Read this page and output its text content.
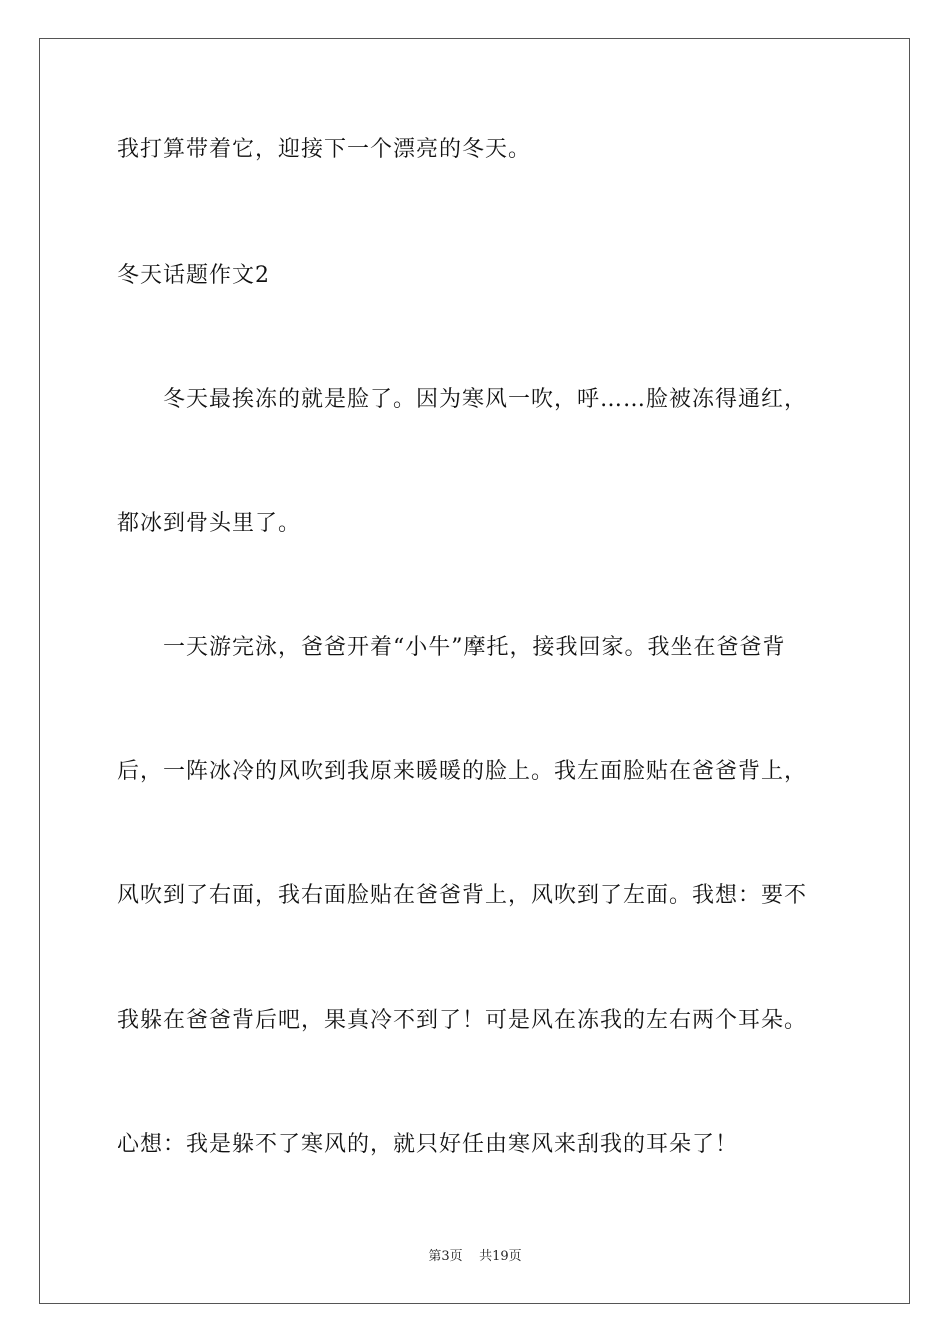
我打算带着它，迎接下一个漂亮的冬天。
冬天话题作文2
冬天最挨冻的就是脸了。因为寒风一吹，呼……脸被冻得通红，
都冰到骨头里了。
一天游完泳，爸爸开着“小牛”摩托，接我回家。我坐在爸爸背
后，一阵冰冷的风吹到我原来暖暖的脸上。我左面脸贴在爸爸背上，
风吹到了右面，我右面脸贴在爸爸背上，风吹到了左面。我想：要不
我躲在爸爸背后吧，果真冷不到了！可是风在冻我的左右两个耳朵。
心想：我是躲不了寒风的，就只好任由寒风来刮我的耳朵了！
第3页 共19页
